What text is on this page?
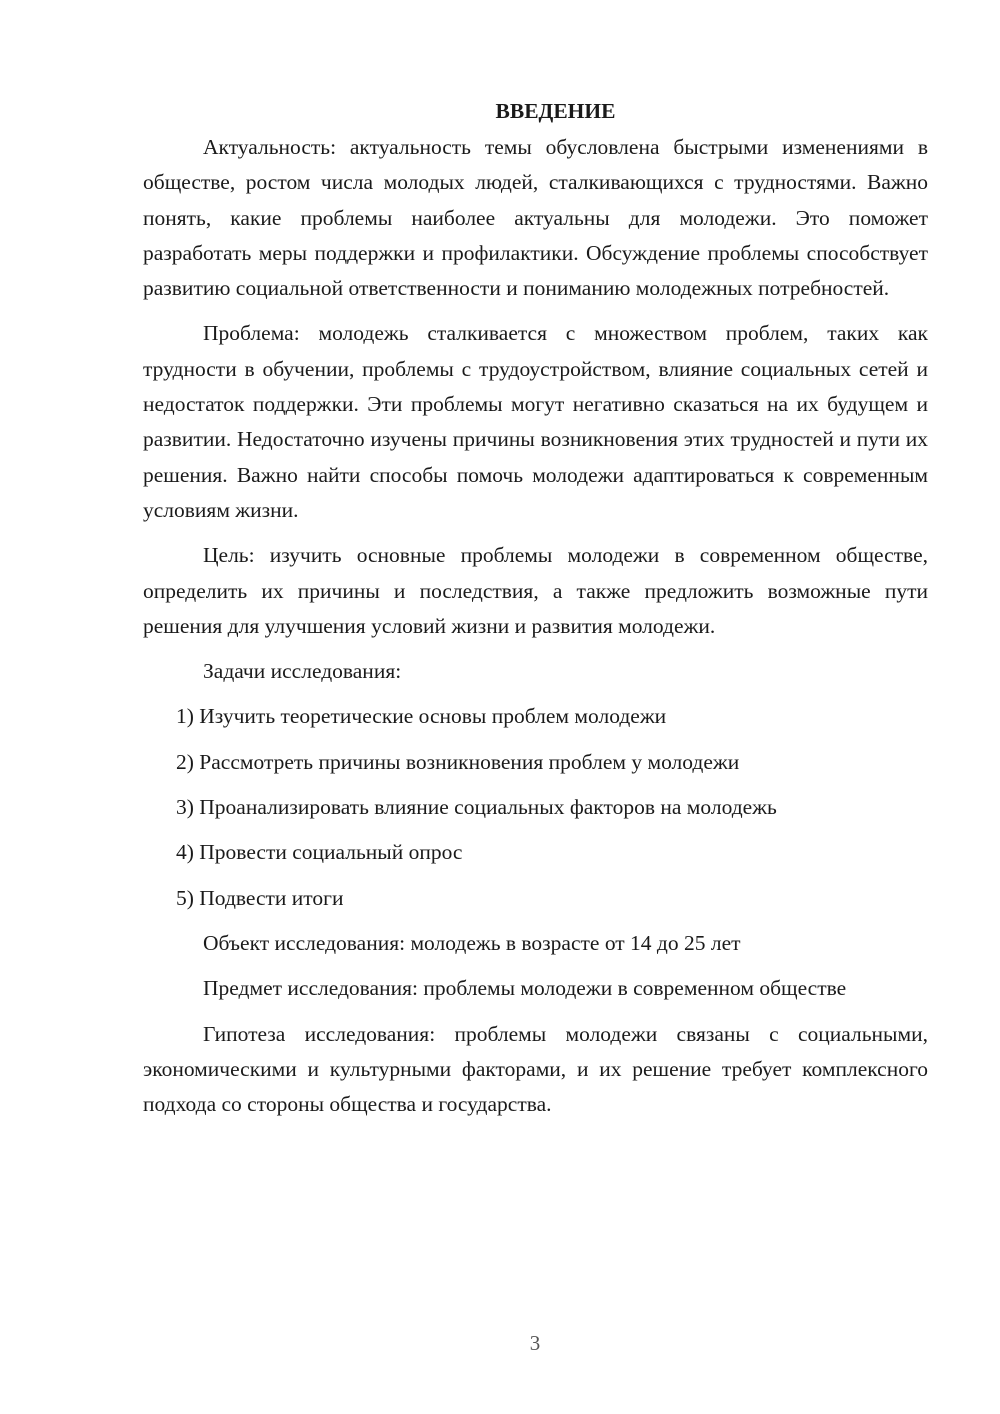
ВВЕДЕНИЕ

Актуальность: актуальность темы обусловлена быстрыми изменениями в обществе, ростом числа молодых людей, сталкивающихся с трудностями. Важно понять, какие проблемы наиболее актуальны для молодежи. Это поможет разработать меры поддержки и профилактики. Обсуждение проблемы способствует развитию социальной ответственности и пониманию молодежных потребностей.

Проблема: молодежь сталкивается с множеством проблем, таких как трудности в обучении, проблемы с трудоустройством, влияние социальных сетей и недостаток поддержки. Эти проблемы могут негативно сказаться на их будущем и развитии. Недостаточно изучены причины возникновения этих трудностей и пути их решения. Важно найти способы помочь молодежи адаптироваться к современным условиям жизни.

Цель: изучить основные проблемы молодежи в современном обществе, определить их причины и последствия, а также предложить возможные пути решения для улучшения условий жизни и развития молодежи.

Задачи исследования:

1) Изучить теоретические основы проблем молодежи
2) Рассмотреть причины возникновения проблем у молодежи
3) Проанализировать влияние социальных факторов на молодежь
4) Провести социальный опрос
5) Подвести итоги

Объект исследования: молодежь в возрасте от 14 до 25 лет

Предмет исследования: проблемы молодежи в современном обществе

Гипотеза исследования: проблемы молодежи связаны с социальными, экономическими и культурными факторами, и их решение требует комплексного подхода со стороны общества и государства.

3
